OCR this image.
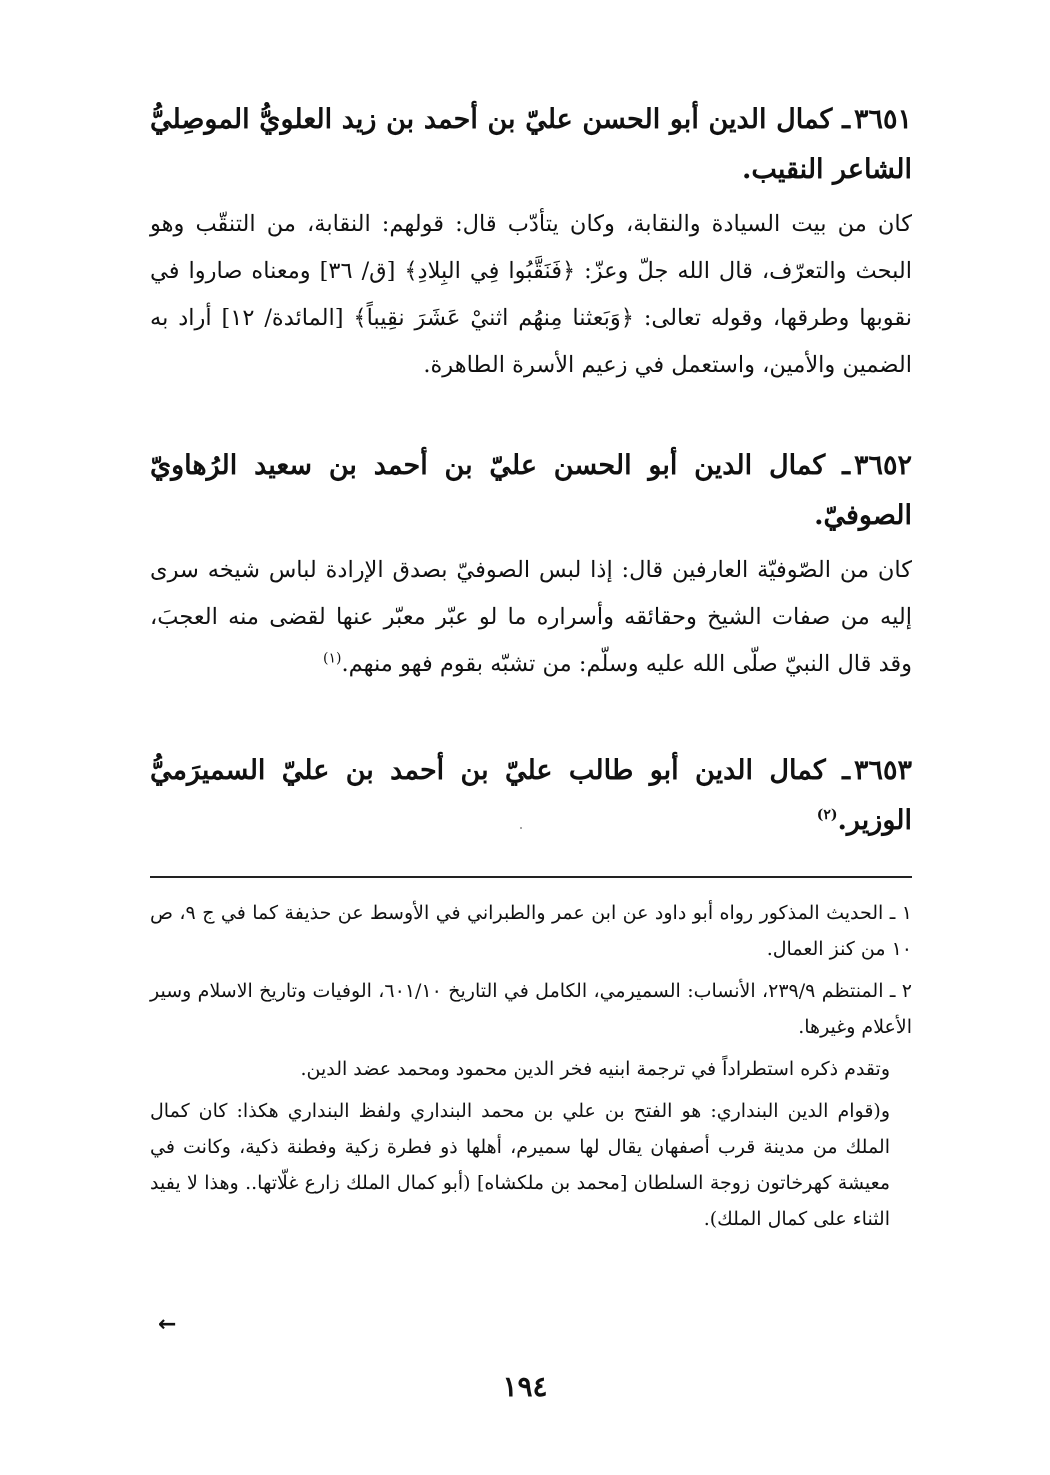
٣٦٥١ـ كمال الدين أبو الحسن عليّ بن أحمد بن زيد العلويُّ الموصِليُّ الشاعر النقيب.

كان من بيت السيادة والنقابة، وكان يتأدّب قال: قولهم: النقابة، من التنقّب وهو البحث والتعرّف، قال الله جلّ وعزّ: ﴿فَنَقَّبُوا فِي البِلادِ﴾ [ق/ ٣٦] ومعناه صاروا في نقوبها وطرقها، وقوله تعالى: ﴿وَبَعثنا مِنهُم اثنيْ عَشَرَ نقِيباً﴾ [المائدة/ ١٢] أراد به الضمين والأمين، واستعمل في زعيم الأسرة الطاهرة.

٣٦٥٢ـ كمال الدين أبو الحسن عليّ بن أحمد بن سعيد الرُهاويّ الصوفيّ.

كان من الصّوفيّة العارفين قال: إذا لبس الصوفيّ بصدق الإرادة لباس شيخه سرى إليه من صفات الشيخ وحقائقه وأسراره ما لو عبّر معبّر عنها لقضى منه العجبَ، وقد قال النبيّ صلّى الله عليه وسلّم: من تشبّه بقوم فهو منهم.$^{(١)}$

٣٦٥٣ـ كمال الدين أبو طالب عليّ بن أحمد بن عليّ السميرَميُّ الوزير.$^{(٢)}$

١ ـ الحديث المذكور رواه أبو داود عن ابن عمر والطبراني في الأوسط عن حذيفة كما في ج ٩، ص ١٠ من كنز العمال.

٢ ـ المنتظم ٢٣٩/٩، الأنساب: السميرمي، الكامل في التاريخ ٦٠١/١٠، الوفيات وتاريخ الاسلام وسير الأعلام وغيرها.

وتقدم ذكره استطراداً في ترجمة ابنيه فخر الدين محمود ومحمد عضد الدين.

و(قوام الدين البنداري: هو الفتح بن علي بن محمد البنداري ولفظ البنداري هكذا: كان كمال الملك من مدينة قرب أصفهان يقال لها سميرم، أهلها ذو فطرة زكية وفطنة ذكية، وكانت في معيشة كهرخاتون زوجة السلطان [محمد بن ملكشاه] (أبو كمال الملك زارع غلّاتها.. وهذا لا يفيد الثناء على كمال الملك).

←
١٩٤
